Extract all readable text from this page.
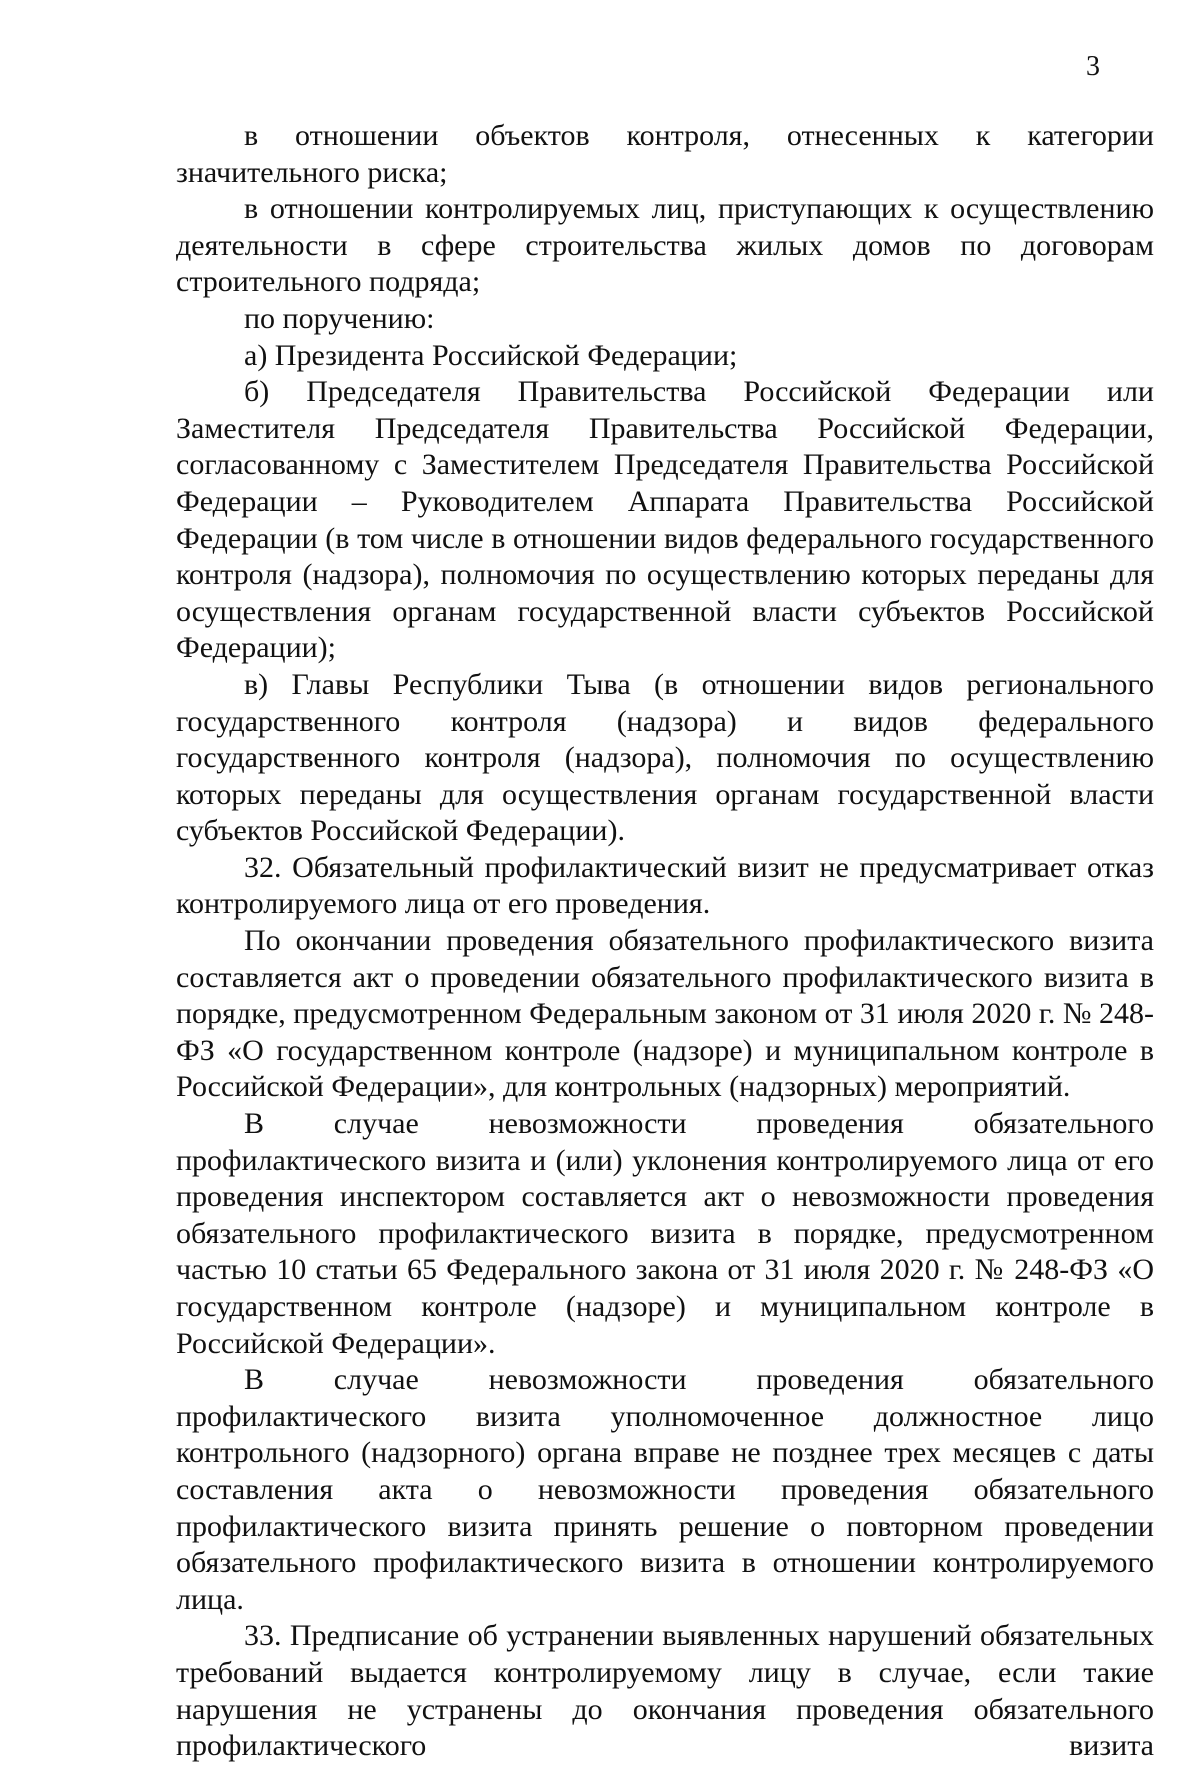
3

в отношении объектов контроля, отнесенных к категории значительного риска;

в отношении контролируемых лиц, приступающих к осуществлению деятельности в сфере строительства жилых домов по договорам строительного подряда;

по поручению:

а) Президента Российской Федерации;

б) Председателя Правительства Российской Федерации или Заместителя Председателя Правительства Российской Федерации, согласованному с Заместителем Председателя Правительства Российской Федерации – Руководителем Аппарата Правительства Российской Федерации (в том числе в отношении видов федерального государственного контроля (надзора), полномочия по осуществлению которых переданы для осуществления органам государственной власти субъектов Российской Федерации);

в) Главы Республики Тыва (в отношении видов регионального государственного контроля (надзора) и видов федерального государственного контроля (надзора), полномочия по осуществлению которых переданы для осуществления органам государственной власти субъектов Российской Федерации).

32. Обязательный профилактический визит не предусматривает отказ контролируемого лица от его проведения.

По окончании проведения обязательного профилактического визита составляется акт о проведении обязательного профилактического визита в порядке, предусмотренном Федеральным законом от 31 июля 2020 г. № 248-ФЗ «О государственном контроле (надзоре) и муниципальном контроле в Российской Федерации», для контрольных (надзорных) мероприятий.

В случае невозможности проведения обязательного профилактического визита и (или) уклонения контролируемого лица от его проведения инспектором составляется акт о невозможности проведения обязательного профилактического визита в порядке, предусмотренном частью 10 статьи 65 Федерального закона от 31 июля 2020 г. № 248-ФЗ «О государственном контроле (надзоре) и муниципальном контроле в Российской Федерации».

В случае невозможности проведения обязательного профилактического визита уполномоченное должностное лицо контрольного (надзорного) органа вправе не позднее трех месяцев с даты составления акта о невозможности проведения обязательного профилактического визита принять решение о повторном проведении обязательного профилактического визита в отношении контролируемого лица.

33. Предписание об устранении выявленных нарушений обязательных требований выдается контролируемому лицу в случае, если такие нарушения не устранены до окончания проведения обязательного профилактического визита
